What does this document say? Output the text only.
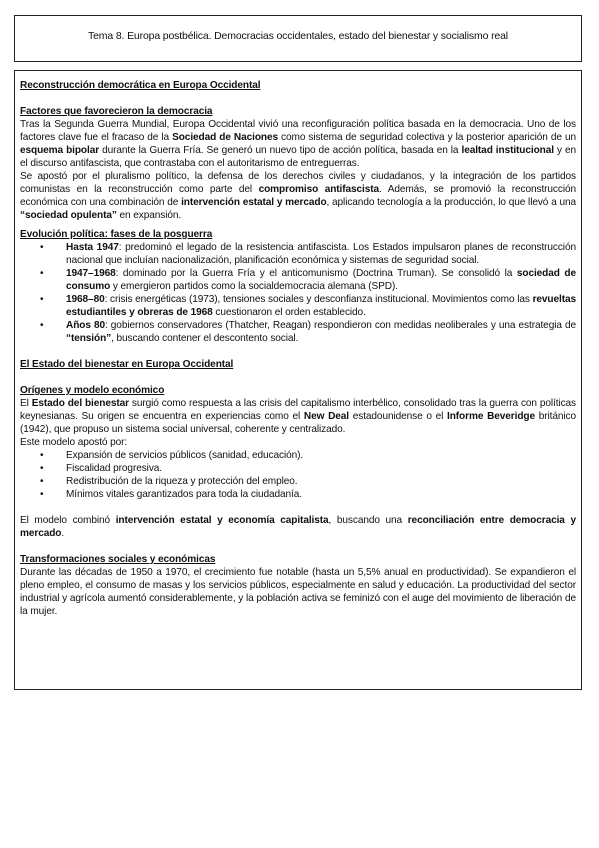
Tema 8. Europa postbélica. Democracias occidentales, estado del bienestar y socialismo real
Reconstrucción democrática en Europa Occidental
Factores que favorecieron la democracia

Tras la Segunda Guerra Mundial, Europa Occidental vivió una reconfiguración política basada en la democracia. Uno de los factores clave fue el fracaso de la Sociedad de Naciones como sistema de seguridad colectiva y la posterior aparición de un esquema bipolar durante la Guerra Fría. Se generó un nuevo tipo de acción política, basada en la lealtad institucional y en el discurso antifascista, que contrastaba con el autoritarismo de entreguerras.

Se apostó por el pluralismo político, la defensa de los derechos civiles y ciudadanos, y la integración de los partidos comunistas en la reconstrucción como parte del compromiso antifascista. Además, se promovió la reconstrucción económica con una combinación de intervención estatal y mercado, aplicando tecnología a la producción, lo que llevó a una “sociedad opulenta” en expansión.

Evolución política: fases de la posguerra
• Hasta 1947: predominó el legado de la resistencia antifascista. Los Estados impulsaron planes de reconstrucción nacional que incluían nacionalización, planificación económica y sistemas de seguridad social.
• 1947–1968: dominado por la Guerra Fría y el anticomunismo (Doctrina Truman). Se consolidó la sociedad de consumo y emergieron partidos como la socialdemocracia alemana (SPD).
• 1968–80: crisis energéticas (1973), tensiones sociales y desconfianza institucional. Movimientos como las revueltas estudiantiles y obreras de 1968 cuestionaron el orden establecido.
• Años 80: gobiernos conservadores (Thatcher, Reagan) respondieron con medidas neoliberales y una estrategia de “tensión”, buscando contener el descontento social.
El Estado del bienestar en Europa Occidental
Orígenes y modelo económico

El Estado del bienestar surgió como respuesta a las crisis del capitalismo interbélico, consolidado tras la guerra con políticas keynesianas. Su origen se encuentra en experiencias como el New Deal estadounidense o el Informe Beveridge británico (1942), que propuso un sistema social universal, coherente y centralizado.

Este modelo apostó por:

• Expansión de servicios públicos (sanidad, educación).
• Fiscalidad progresiva.
• Redistribución de la riqueza y protección del empleo.
• Mínimos vitales garantizados para toda la ciudadanía.

El modelo combinó intervención estatal y economía capitalista, buscando una reconciliación entre democracia y mercado.

Transformaciones sociales y económicas

Durante las décadas de 1950 a 1970, el crecimiento fue notable (hasta un 5,5% anual en productividad). Se expandieron el pleno empleo, el consumo de masas y los servicios públicos, especialmente en salud y educación. La productividad del sector industrial y agrícola aumentó considerablemente, y la población activa se feminizó con el auge del movimiento de liberación de la mujer.
